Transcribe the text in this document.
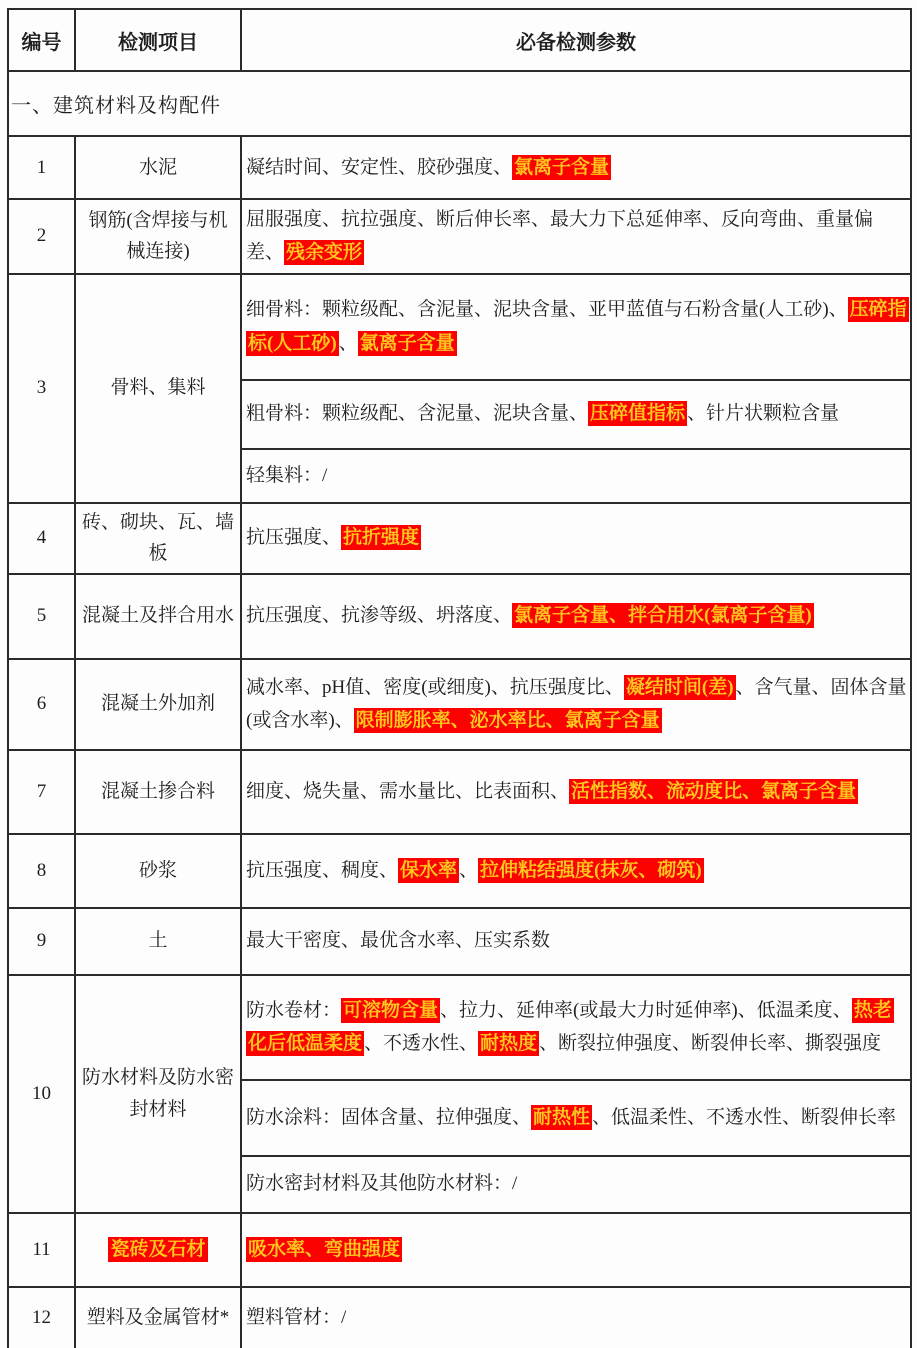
编号	检测项目	必备检测参数
一、建筑材料及构配件		
1	水泥	凝结时间、安定性、胶砂强度、 氯离子含量
2	钢筋(含焊接与机械连接)	屈服强度、抗拉强度、断后伸长率、最大力下总延伸率、反向弯曲、重量偏差、 残余变形
3	骨料、集料	细骨料：颗粒级配、含泥量、泥块含量、亚甲蓝值与石粉含量(人工砂)、 压碎指标(人工砂) 、 氯离子含量
		粗骨料：颗粒级配、含泥量、泥块含量、 压碎值指标 、针片状颗粒含量
		轻集料：/
4	砖、砌块、瓦、墙板	抗压强度、 抗折强度
5	混凝土及拌合用水	抗压强度、抗渗等级、坍落度、 氯离子含量、拌合用水(氯离子含量)
6	混凝土外加剂	减水率、pH值、密度(或细度)、抗压强度比、 凝结时间(差) 、含气量、固体含量(或含水率)、 限制膨胀率、泌水率比、氯离子含量
7	混凝土掺合料	细度、烧失量、需水量比、比表面积、 活性指数、流动度比、氯离子含量
8	砂浆	抗压强度、稠度、 保水率 、 拉伸粘结强度(抹灰、砌筑)
9	土	最大干密度、最优含水率、压实系数
10	防水材料及防水密封材料	防水卷材： 可溶物含量 、拉力、延伸率(或最大力时延伸率)、低温柔度、 热老化后低温柔度 、不透水性、 耐热度 、断裂拉伸强度、断裂伸长率、撕裂强度
		防水涂料：固体含量、拉伸强度、 耐热性 、低温柔性、不透水性、断裂伸长率
		防水密封材料及其他防水材料：/
11	瓷砖及石材	吸水率、弯曲强度
12	塑料及金属管材*	塑料管材：/
